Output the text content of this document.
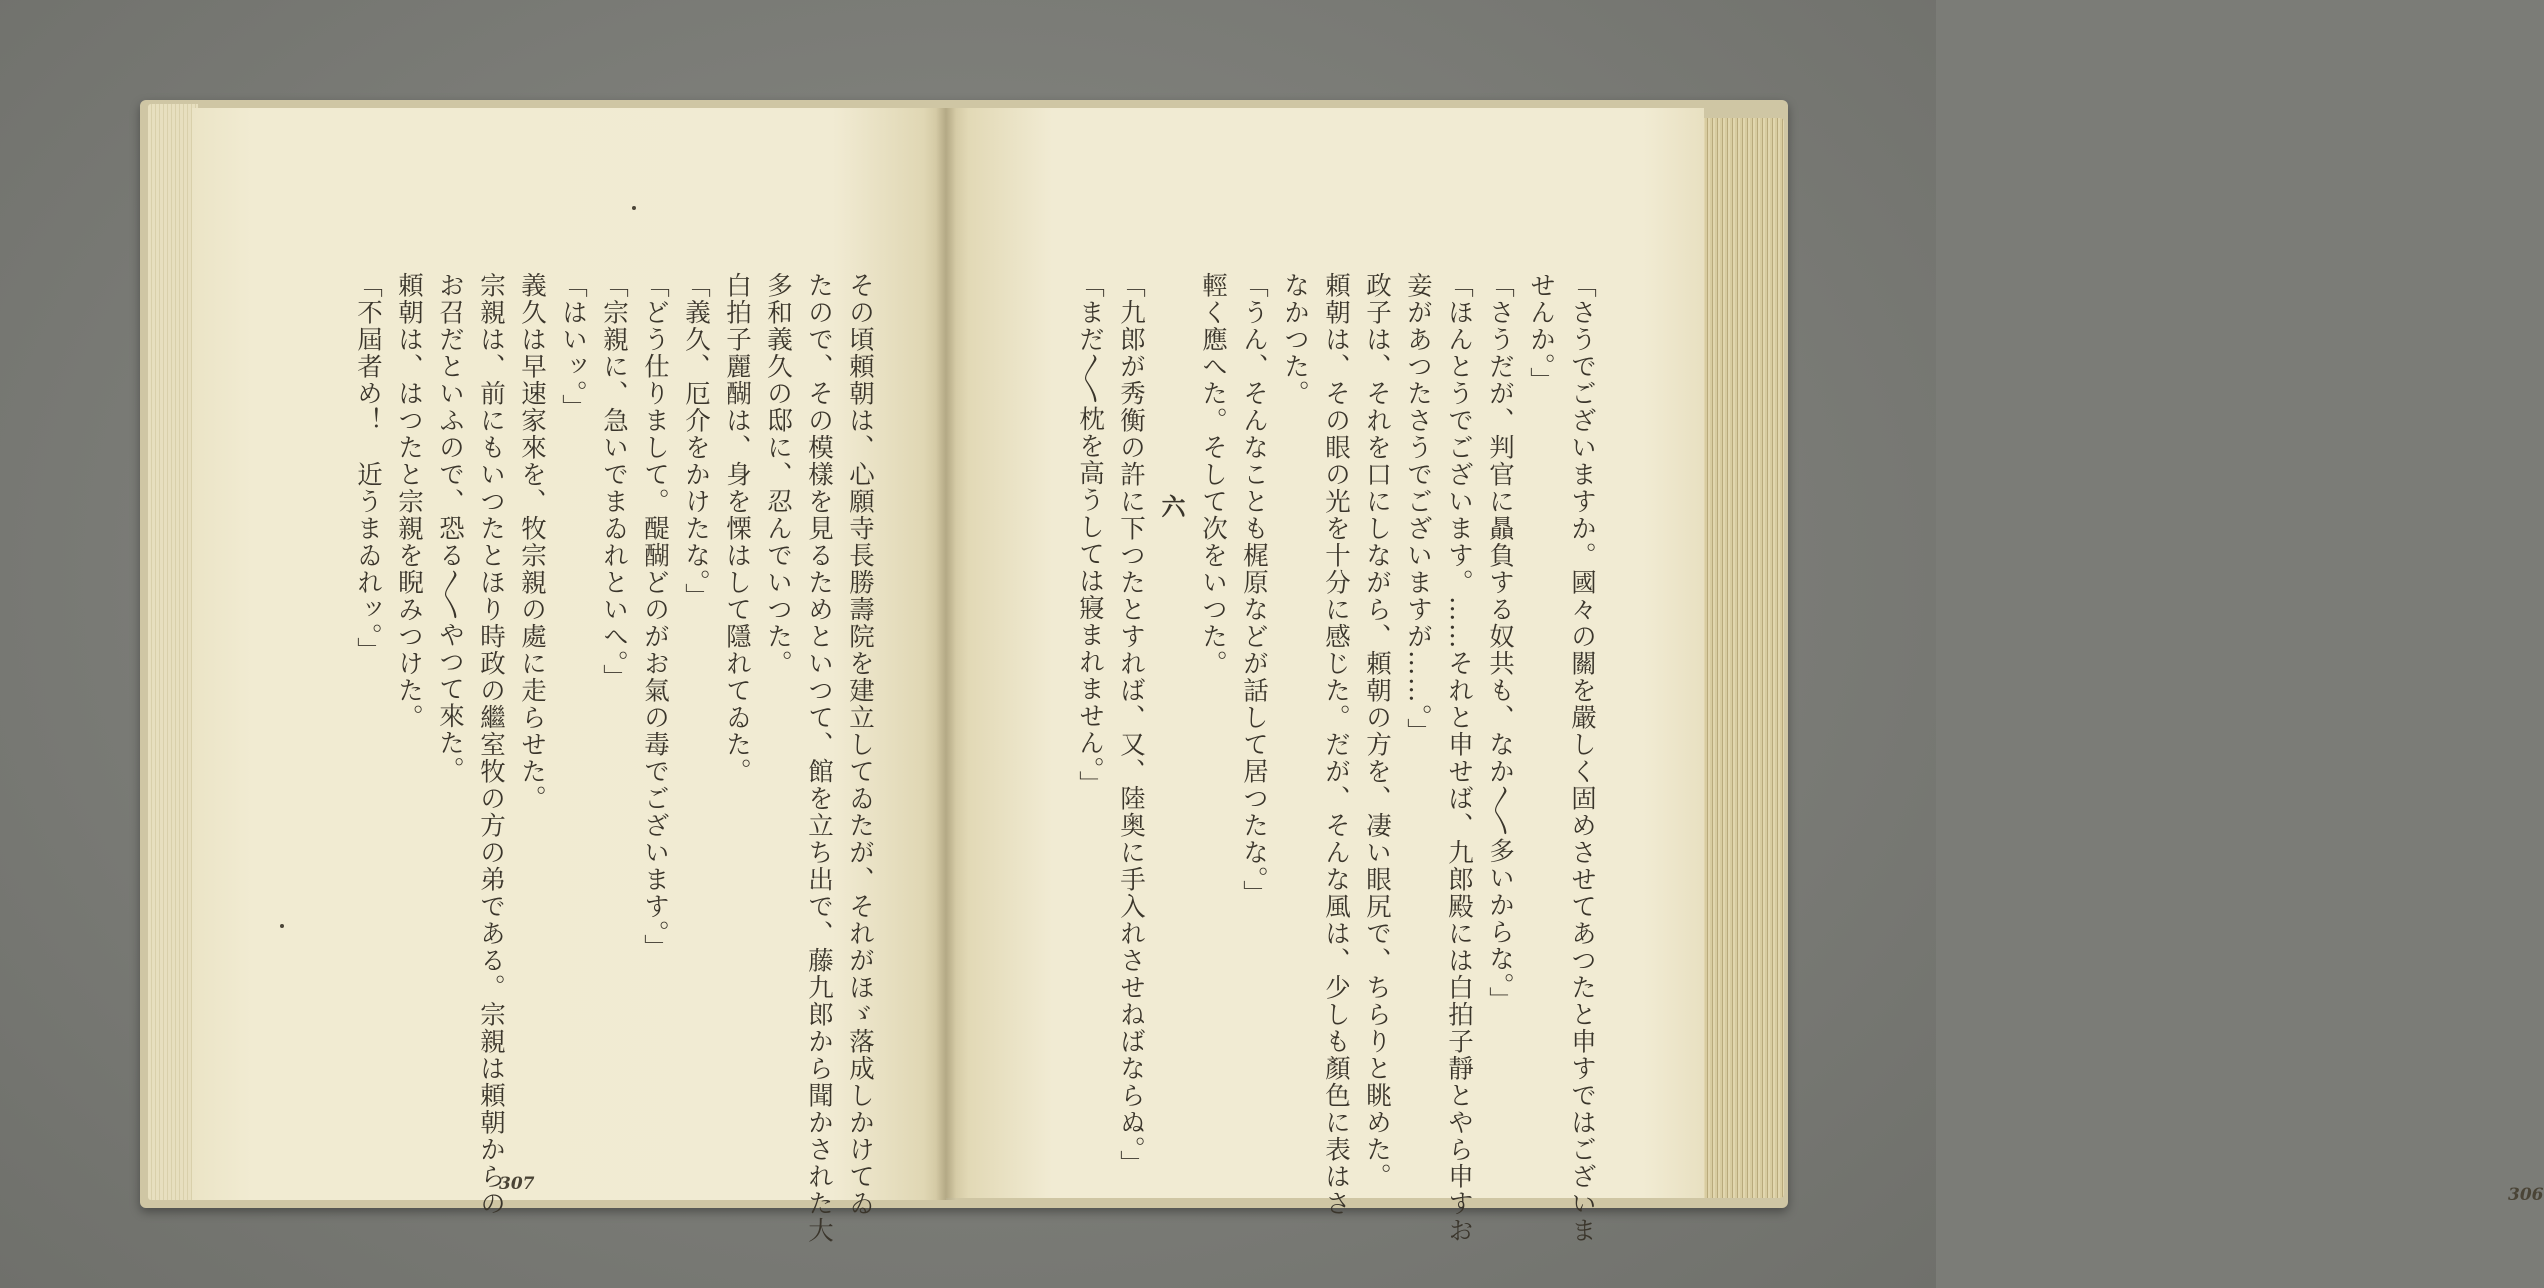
その頃頼朝は、心願寺長勝壽院を建立してゐたが、それがほゞ落成しかけてゐ
たので、その模樣を見るためといつて、館を立ち出で、藤九郎から聞かされた大
多和義久の邸に、忍んでいつた。
白拍子麗醐は、身を慄はして隱れてゐた。
「義久、厄介をかけたな。」
「どう仕りまして。醍醐どのがお氣の毒でございます。」
「宗親に、急いでまゐれといへ。」
「はいッ。」
義久は早速家來を、牧宗親の處に走らせた。
宗親は、前にもいつたとほり時政の繼室牧の方の弟である。宗親は頼朝からの
お召だといふので、恐る〳〵やつて來た。
頼朝は、はつたと宗親を睨みつけた。
「不屆者め！　近うまゐれッ。」
307	「さうでございますか。國々の關を嚴しく固めさせてあつたと申すではございま
せんか。」
「さうだが、判官に贔負する奴共も、なか〳〵多いからな。」
「ほんとうでございます。……それと申せば、九郎殿には白拍子靜とやら申すお
妾があつたさうでございますが……。」
政子は、それを口にしながら、頼朝の方を、凄い眼尻で、ちらりと眺めた。
頼朝は、その眼の光を十分に感じた。だが、そんな風は、少しも顏色に表はさ
なかつた。
「うん、そんなことも梶原などが話して居つたな。」
輕く應へた。そして次をいつた。
六
「九郎が秀衡の許に下つたとすれば、又、陸奥に手入れさせねばならぬ。」
「まだ〳〵枕を高うしては寢まれません。」
306
